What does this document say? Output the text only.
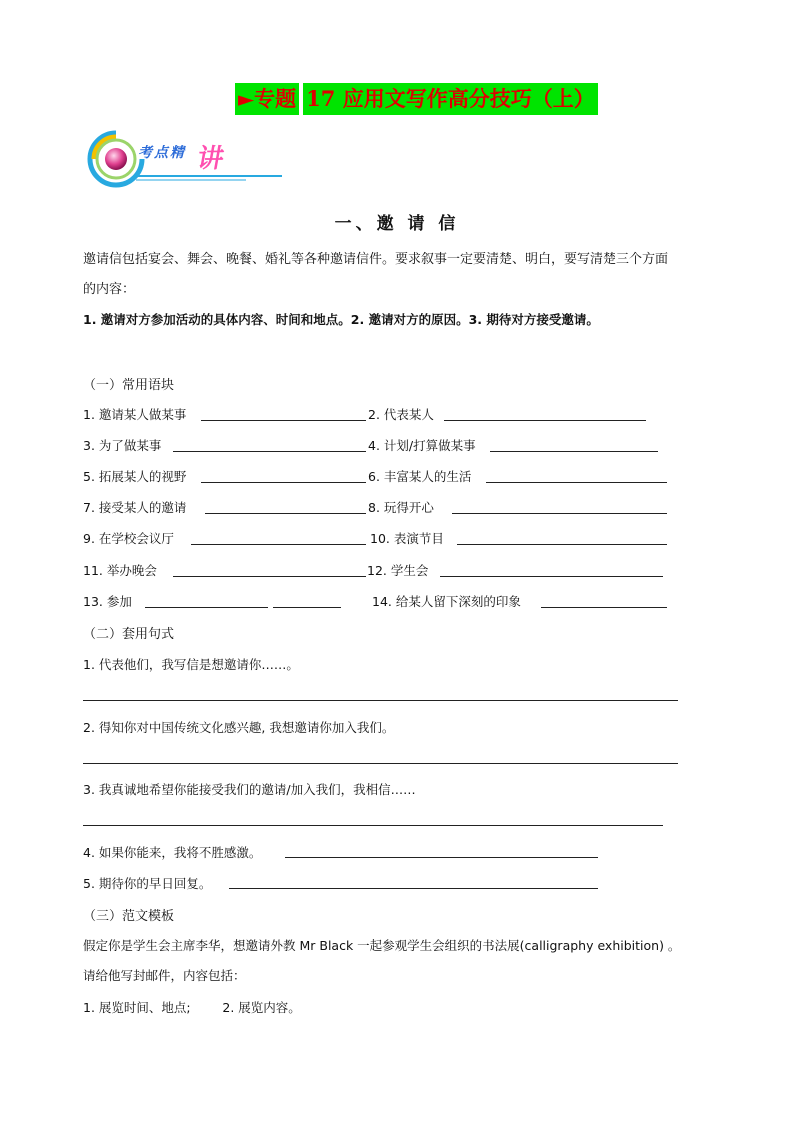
►专题 17 应用文写作高分技巧（上）
考点精 讲
一、邀 请 信
邀请信包括宴会、舞会、晚餐、婚礼等各种邀请信件。要求叙事一定要清楚、明白，要写清楚三个方面
的内容：
1. 邀请对方参加活动的具体内容、时间和地点。2. 邀请对方的原因。3. 期待对方接受邀请。
（一）常用语块
1. 邀请某人做某事	2. 代表某人
3. 为了做某事	4. 计划/打算做某事
5. 拓展某人的视野	6. 丰富某人的生活
7. 接受某人的邀请	8. 玩得开心
9. 在学校会议厅	10. 表演节目
11. 举办晚会	12. 学生会
13. 参加	14. 给某人留下深刻的印象
（二）套用句式
1. 代表他们，我写信是想邀请你……。
2. 得知你对中国传统文化感兴趣, 我想邀请你加入我们。
3. 我真诚地希望你能接受我们的邀请/加入我们，我相信……
4. 如果你能来，我将不胜感激。
5. 期待你的早日回复。
（三）范文模板
假定你是学生会主席李华，想邀请外教 Mr Black 一起参观学生会组织的书法展(calligraphy exhibition) 。
请给他写封邮件，内容包括：
1. 展览时间、地点;        2. 展览内容。
